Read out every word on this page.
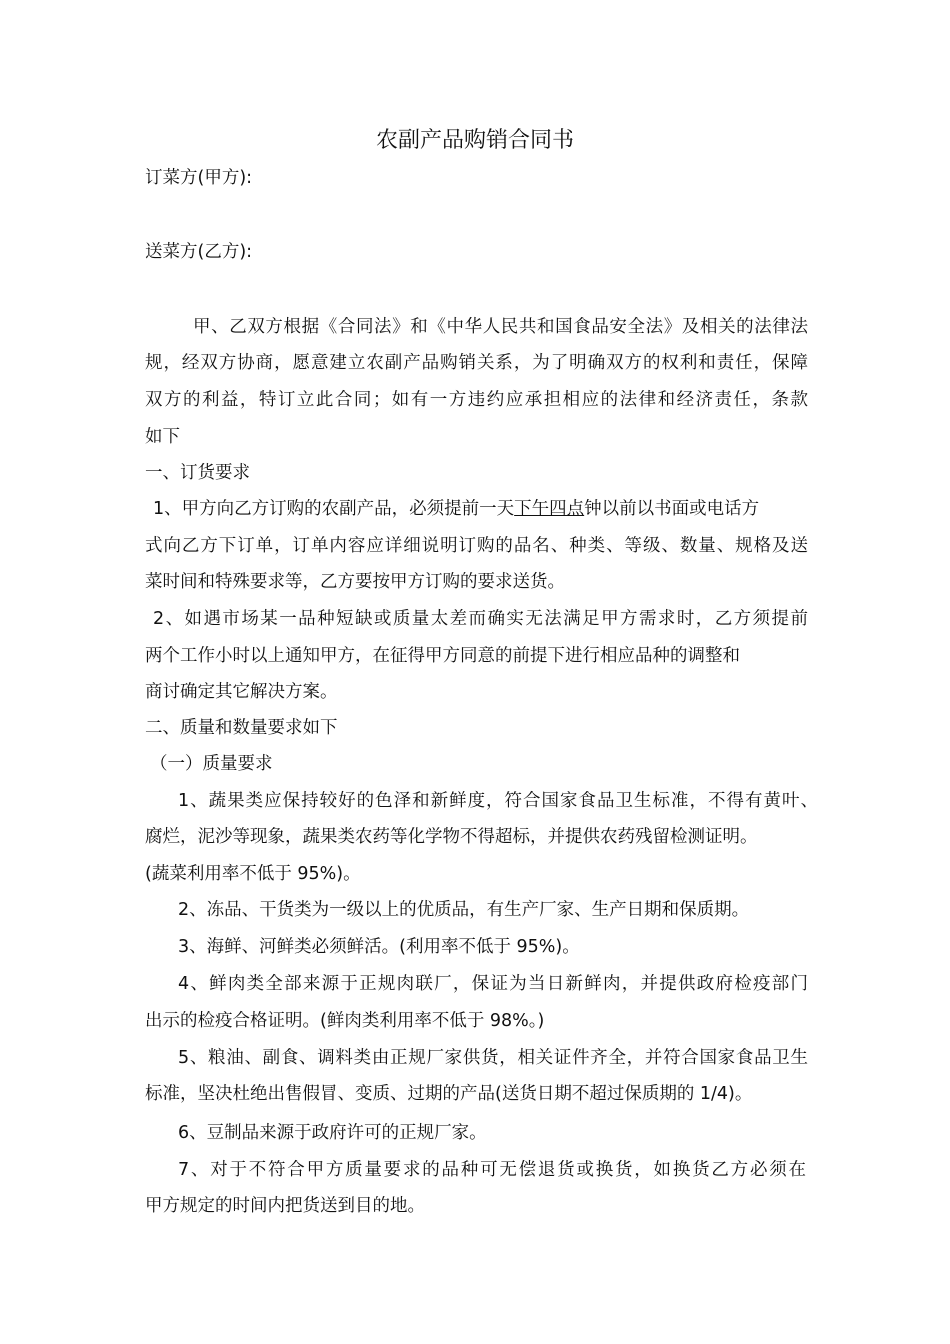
农副产品购销合同书
订菜方(甲方):
送菜方(乙方):
甲、乙双方根据《合同法》和《中华人民共和国食品安全法》及相关的法律法
规，经双方协商，愿意建立农副产品购销关系，为了明确双方的权利和责任，保障
双方的利益，特订立此合同；如有一方违约应承担相应的法律和经济责任，条款
如下
一、订货要求
1、甲方向乙方订购的农副产品，必须提前一天下午四点钟以前以书面或电话方
式向乙方下订单，订单内容应详细说明订购的品名、种类、等级、数量、规格及送
菜时间和特殊要求等，乙方要按甲方订购的要求送货。
2、如遇市场某一品种短缺或质量太差而确实无法满足甲方需求时，乙方须提前
两个工作小时以上通知甲方，在征得甲方同意的前提下进行相应品种的调整和
商讨确定其它解决方案。
二、质量和数量要求如下
（一）质量要求
1、蔬果类应保持较好的色泽和新鲜度，符合国家食品卫生标准，不得有黄叶、
腐烂，泥沙等现象，蔬果类农药等化学物不得超标，并提供农药残留检测证明。
(蔬菜利用率不低于 95%)。
2、冻品、干货类为一级以上的优质品，有生产厂家、生产日期和保质期。
3、海鲜、河鲜类必须鲜活。(利用率不低于 95%)。
4、鲜肉类全部来源于正规肉联厂，保证为当日新鲜肉，并提供政府检疫部门
出示的检疫合格证明。(鲜肉类利用率不低于 98%。)
5、粮油、副食、调料类由正规厂家供货，相关证件齐全，并符合国家食品卫生
标准，坚决杜绝出售假冒、变质、过期的产品(送货日期不超过保质期的 1/4)。
6、豆制品来源于政府许可的正规厂家。
7、对于不符合甲方质量要求的品种可无偿退货或换货，如换货乙方必须在
甲方规定的时间内把货送到目的地。
